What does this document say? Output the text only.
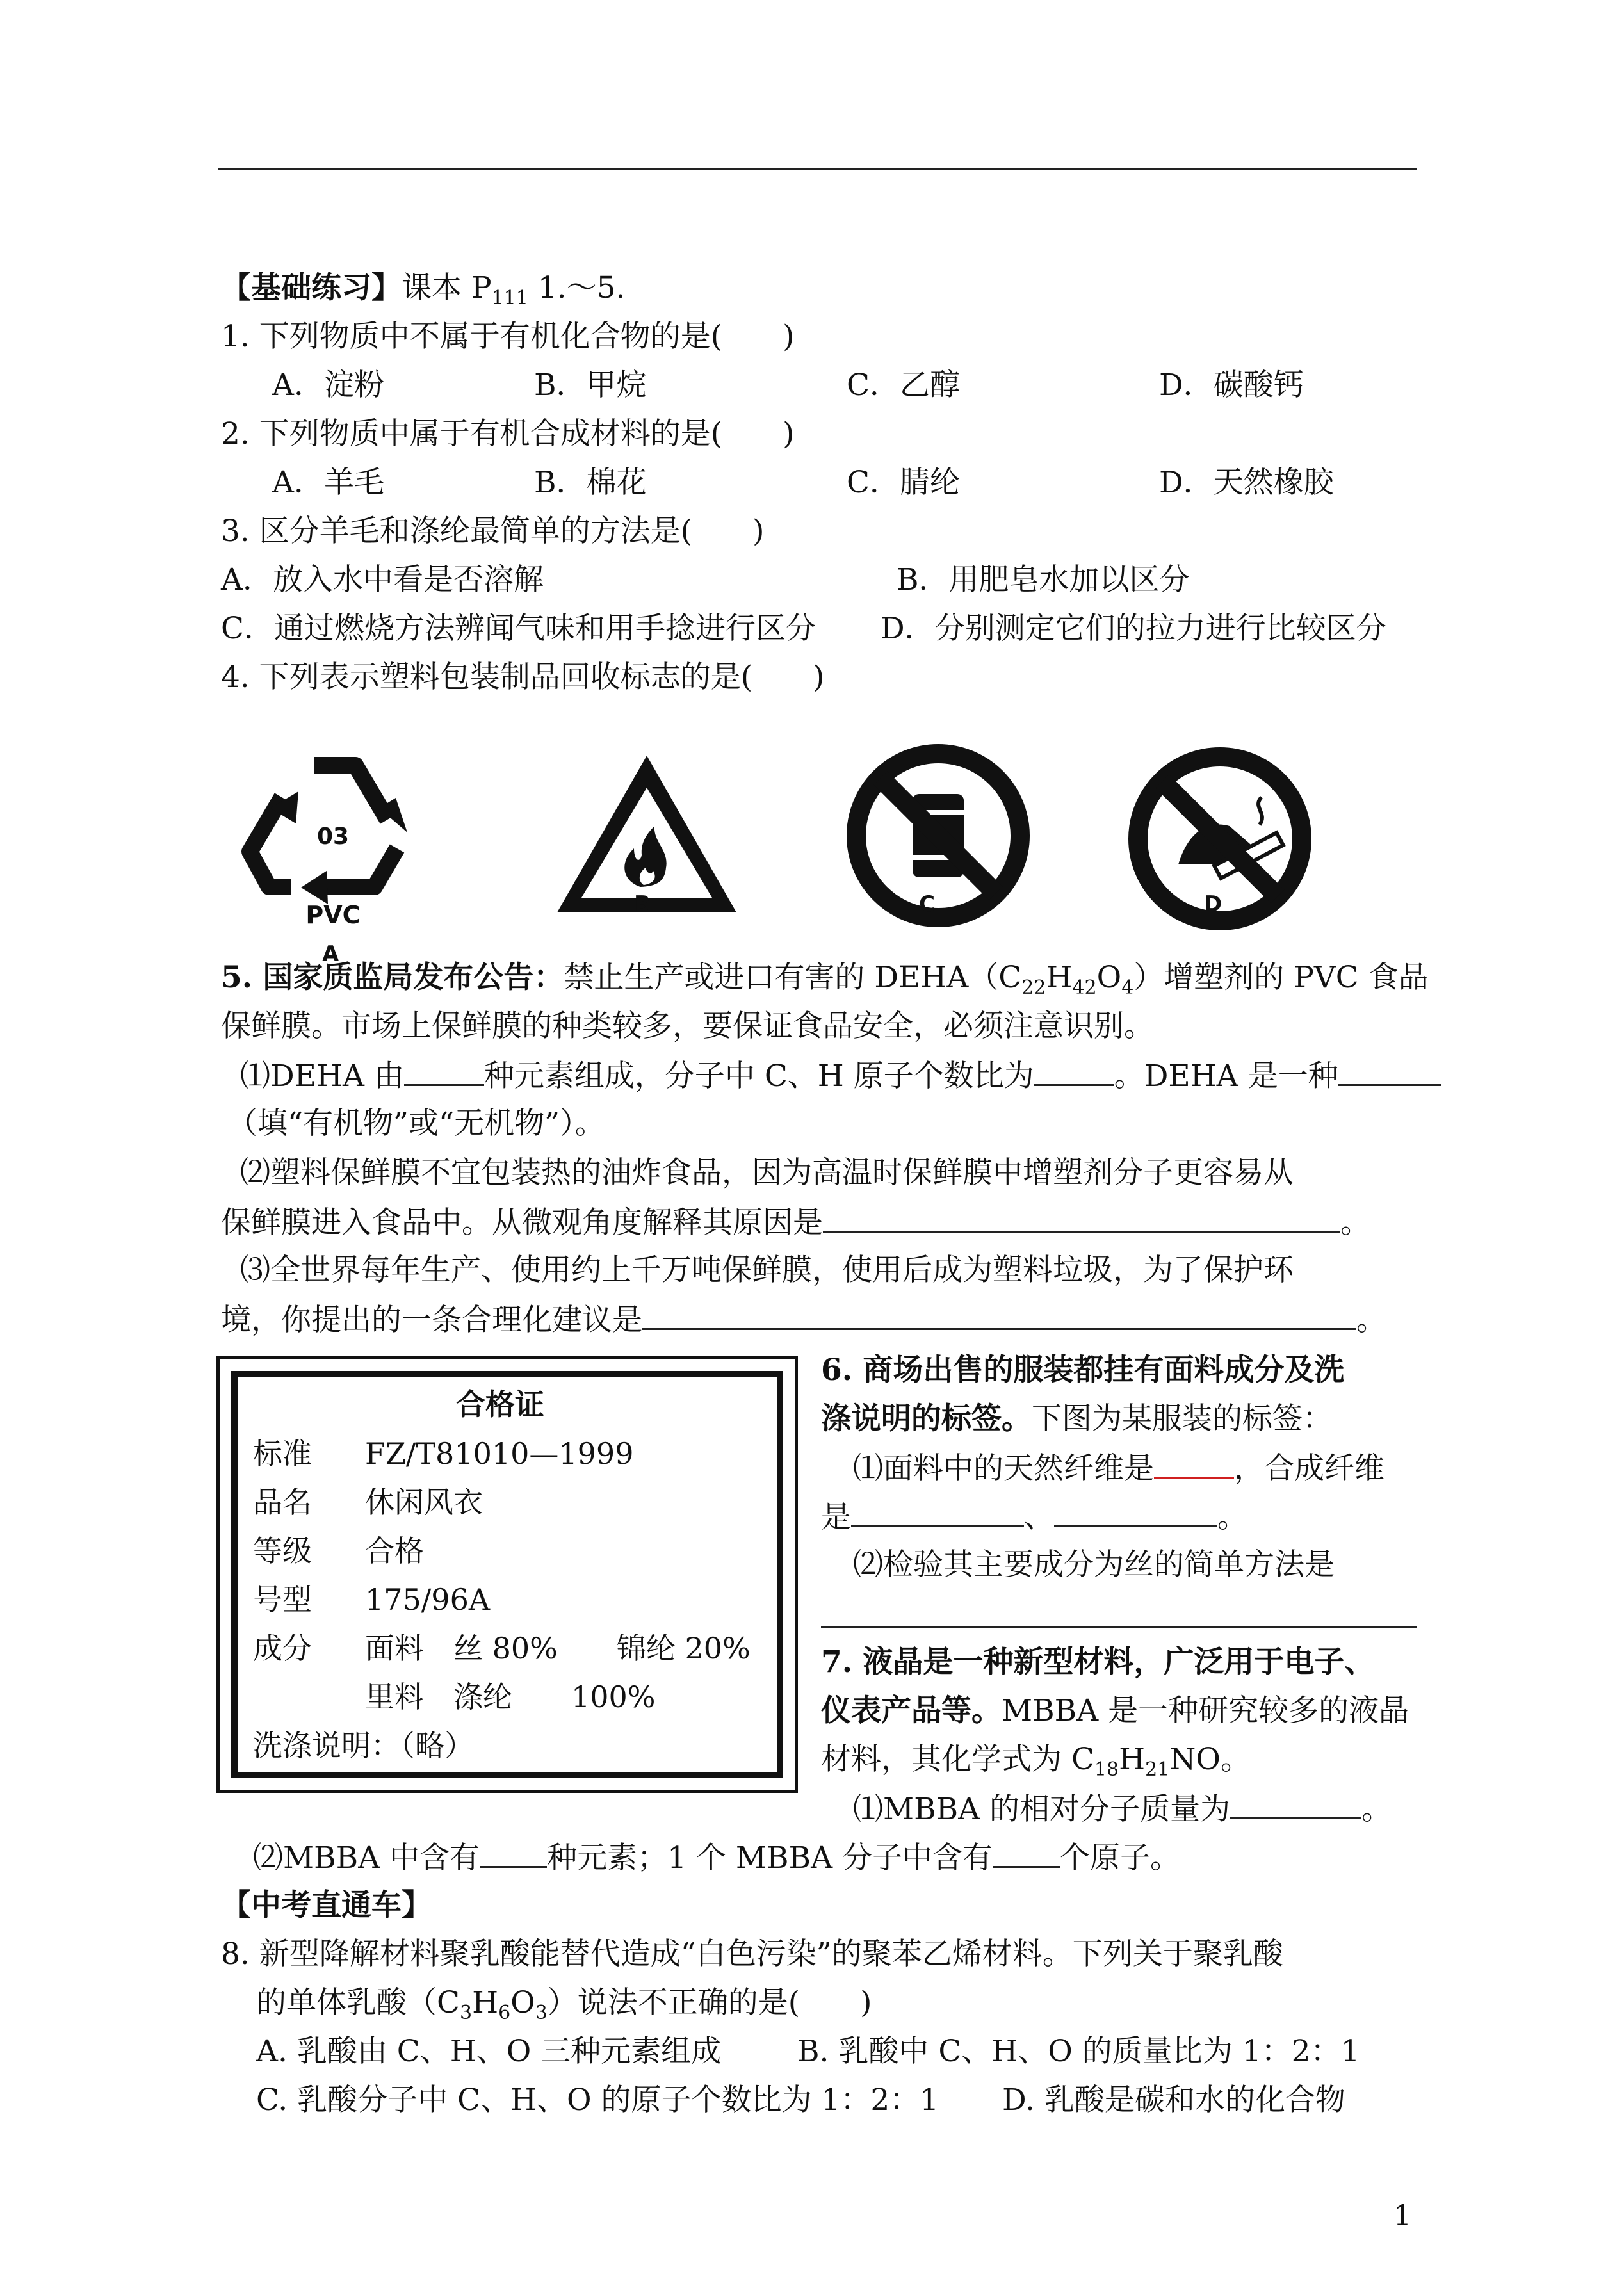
【基础练习】课本 $P_{111}$ 1.～5.
1. 下列物质中不属于有机化合物的是(　　)
A．淀粉	B．甲烷	C．乙醇	D．碳酸钙
2. 下列物质中属于有机合成材料的是(　　)
A．羊毛	B．棉花	C．腈纶	D．天然橡胶
3. 区分羊毛和涤纶最简单的方法是(　　)
A．放入水中看是否溶解	B．用肥皂水加以区分
C．通过燃烧方法辨闻气味和用手捻进行区分 D．分别测定它们的拉力进行比较区分
4. 下列表示塑料包装制品回收标志的是(　　)
03
PVC
A
B	C	D
5. 国家质监局发布公告：禁止生产或进口有害的 $DEHA(C_{22}H_{42}O_4)$增塑剂的 PVC 食品
保鲜膜。市场上保鲜膜的种类较多，要保证食品安全，必须注意识别。
⑴DEHA 由	种元素组成，分子中 C、H 原子个数比为	。DEHA 是一种
（填“有机物”或“无机物”）。
⑵塑料保鲜膜不宜包装热的油炸食品，因为高温时保鲜膜中增塑剂分子更容易从
保鲜膜进入食品中。从微观角度解释其原因是	。
⑶全世界每年生产、使用约上千万吨保鲜膜，使用后成为塑料垃圾，为了保护环
境，你提出的一条合理化建议是	。
合格证
标准 FZ/T81010—1999
品名 休闲风衣
等级 合格
号型 175/96A
成分 面料　丝 80%　　锦纶 20%
里料　涤纶　　100%
洗涤说明：（略）
6. 商场出售的服装都挂有面料成分及洗
涤说明的标签。下图为某服装的标签：
⑴面料中的天然纤维是	，合成纤维
是	、	。
⑵检验其主要成分为丝的简单方法是
7. 液晶是一种新型材料，广泛用于电子、
仪表产品等。MBBA 是一种研究较多的液晶
材料，其化学式为 $C_{18}H_{21}NO$。
⑴MBBA 的相对分子质量为	。
⑵MBBA 中含有 种元素；1 个 MBBA 分子中含有 个原子。
【中考直通车】
8. 新型降解材料聚乳酸能替代造成“白色污染”的聚苯乙烯材料。下列关于聚乳酸
的单体乳酸$(C_3H_6O_3)$说法不正确的是(　　)
A. 乳酸由 C、H、O 三种元素组成	B. 乳酸中 C、H、O 的质量比为 1：2：1
C. 乳酸分子中 C、H、O 的原子个数比为 1：2：1 D. 乳酸是碳和水的化合物
1
